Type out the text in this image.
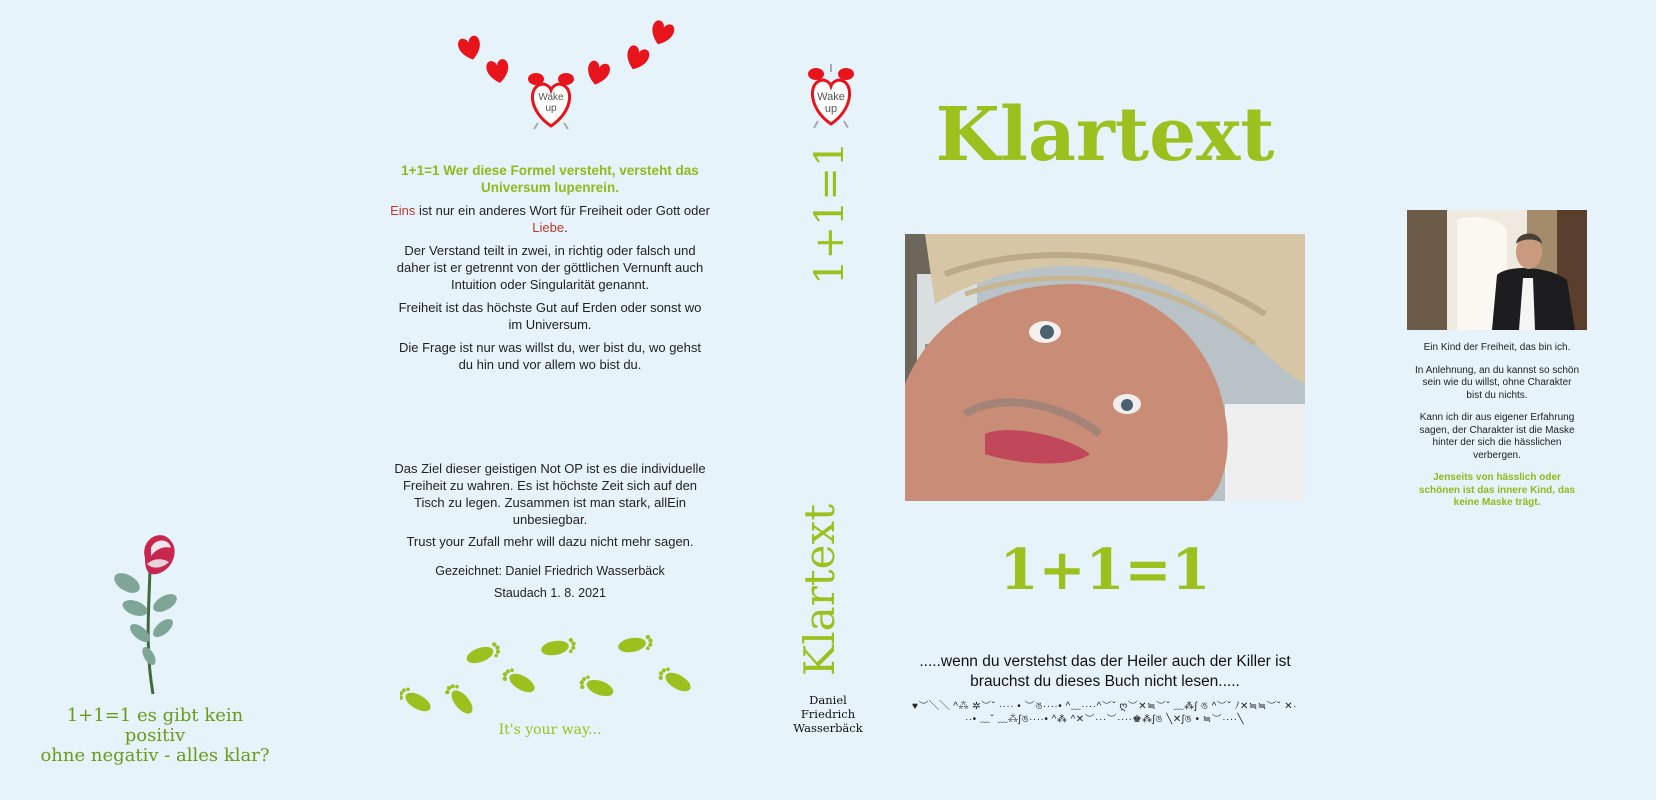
Wake
up

1+1=1 Wer diese Formel versteht, versteht das Universum lupenrein.

Eins ist nur ein anderes Wort für Freiheit oder Gott oder Liebe.

Der Verstand teilt in zwei, in richtig oder falsch und daher ist er getrennt von der göttlichen Vernunft auch Intuition oder Singularität genannt.

Freiheit ist das höchste Gut auf Erden oder sonst wo im Universum.

Die Frage ist nur was willst du, wer bist du, wo gehst du hin und vor allem wo bist du.

Das Ziel dieser geistigen Not OP ist es die individuelle Freiheit zu wahren. Es ist höchste Zeit sich auf den Tisch zu legen. Zusammen ist man stark, allEin unbesiegbar.

Trust your Zufall mehr will dazu nicht mehr sagen.

Gezeichnet: Daniel Friedrich Wasserbäck
Staudach 1. 8. 2021
It's your way...
1+1=1 es gibt kein positiv
ohne negativ - alles klar?
Wake
up
1+1=1
Klartext
Daniel
Friedrich
Wasserbäck
Klartext
1+1=1
.....wenn du verstehst das der Heiler auch der Killer ist
brauchst du dieses Buch nicht lesen.....
♥︶╲╲ ^⁂ ✲︶ˇ ···· • ︶ঙ····• ^﹏····^︶ˇ ღ︶✕≒︶ˇ ﹏⁂ʃ ঙ ^︶ˇ ﾉ✕≒≒︶ˇ ✕···• ﹏ˇ ﹏⁂ʃঙ····• ^⁂ ^✕︶···︶····♚⁂ʃঙ ╲✕ʃঙ • ≒︶····╲

Ein Kind der Freiheit, das bin ich.

In Anlehnung, an du kannst so schön sein wie du willst, ohne Charakter bist du nichts.

Kann ich dir aus eigener Erfahrung sagen, der Charakter ist die Maske hinter der sich die hässlichen verbergen.

Jenseits von hässlich oder schönen ist das innere Kind, das keine Maske trägt.
